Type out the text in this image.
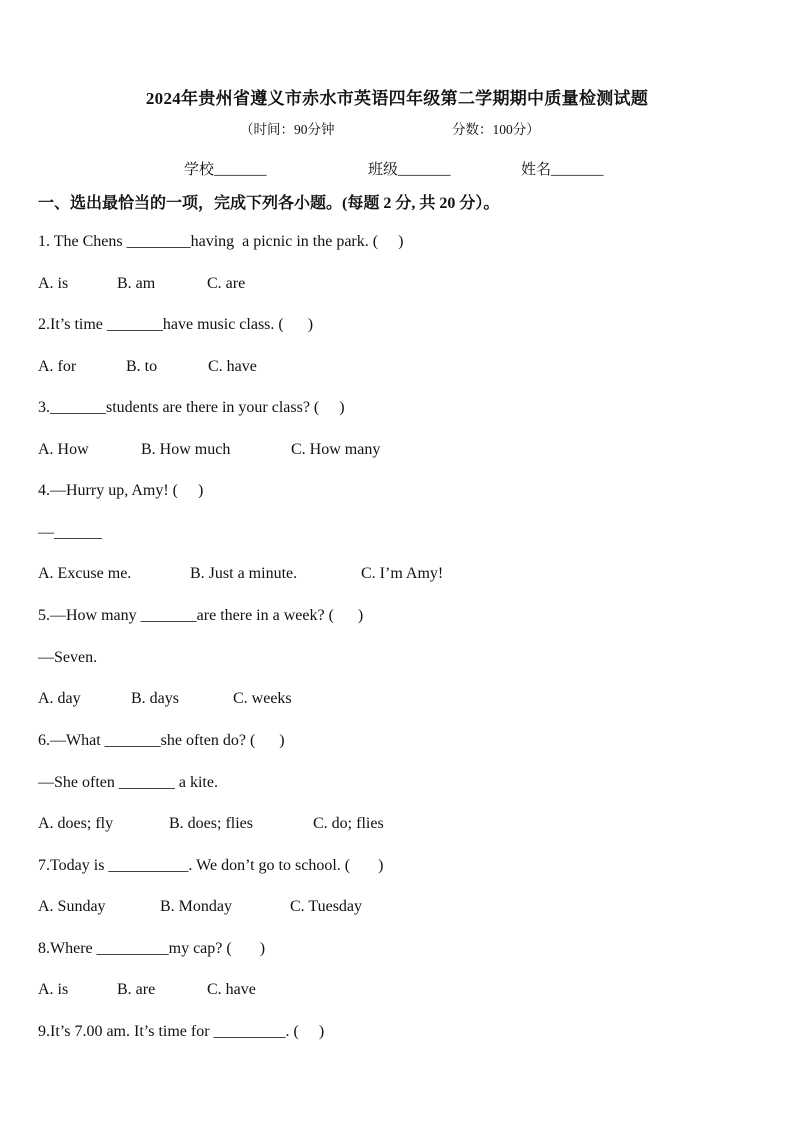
2024年贵州省遵义市赤水市英语四年级第二学期期中质量检测试题
（时间：90分钟	分数：100分）
学校_______	班级_______	姓名_______
一、选出最恰当的一项，完成下列各小题。(每题 2 分, 共 20 分）。
1. The Chens ________having  a picnic in the park. (     )
A. is	B. am	C. are
2.It’s time _______have music class. (      )
A. for	B. to	C. have
3._______students are there in your class? (     )
A. How	B. How much	C. How many
4.—Hurry up, Amy! (     )
—______
A. Excuse me.	B. Just a minute.	C. I’m Amy!
5.—How many _______are there in a week? (      )
—Seven.
A. day	B. days	C. weeks
6.—What _______she often do? (      )
—She often _______ a kite.
A. does; fly	B. does; flies	C. do; flies
7.Today is __________. We don’t go to school. (       )
A. Sunday	B. Monday	C. Tuesday
8.Where _________my cap? (       )
A. is	B. are	C. have
9.It’s 7.00 am. It’s time for _________. (     )
